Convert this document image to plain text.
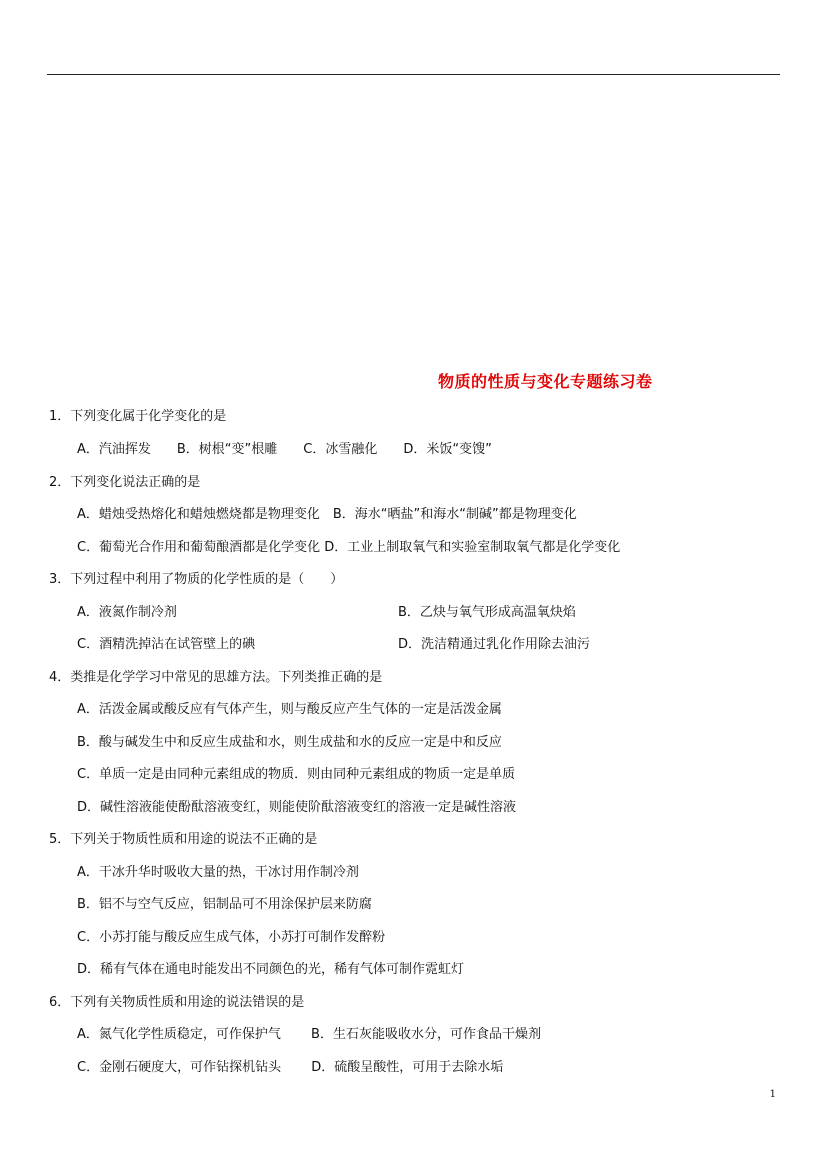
物质的性质与变化专题练习卷
1．下列变化属于化学变化的是
A．汽油挥发　　B．树根“变”根雕　　C．冰雪融化　　D．米饭“变馊”
2．下列变化说法正确的是
A．蜡烛受热熔化和蜡烛燃烧都是物理变化　B．海水“晒盐”和海水“制碱”都是物理变化
C．葡萄光合作用和葡萄酿酒都是化学变化 D．工业上制取氧气和实验室制取氧气都是化学变化
3．下列过程中利用了物质的化学性质的是（　　）
A．液氮作制冷剂	B．乙炔与氧气形成高温氧炔焰
C．酒精洗掉沾在试管壁上的碘	D．洗洁精通过乳化作用除去油污
4．类推是化学学习中常见的思雄方法。下列类推正确的是
A．活泼金属或酸反应有气体产生，则与酸反应产生气体的一定是活泼金属
B．酸与碱发生中和反应生成盐和水，则生成盐和水的反应一定是中和反应
C．单质一定是由同种元素组成的物质．则由同种元素组成的物质一定是单质
D．碱性溶液能使酚酞溶液变红，则能使阶酞溶液变红的溶液一定是碱性溶液
5．下列关于物质性质和用途的说法不正确的是
A．干冰升华时吸收大量的热，干冰讨用作制冷剂
B．铝不与空气反应，铝制品可不用涂保护层来防腐
C．小苏打能与酸反应生成气体，小苏打可制作发醉粉
D．稀有气体在通电时能发出不同颜色的光，稀有气体可制作霓虹灯
6．下列有关物质性质和用途的说法错误的是
A．氮气化学性质稳定，可作保护气　　 B．生石灰能吸收水分，可作食品干燥剂
C．金刚石硬度大，可作钻探机钻头　　 D．硫酸呈酸性，可用于去除水垢
1
